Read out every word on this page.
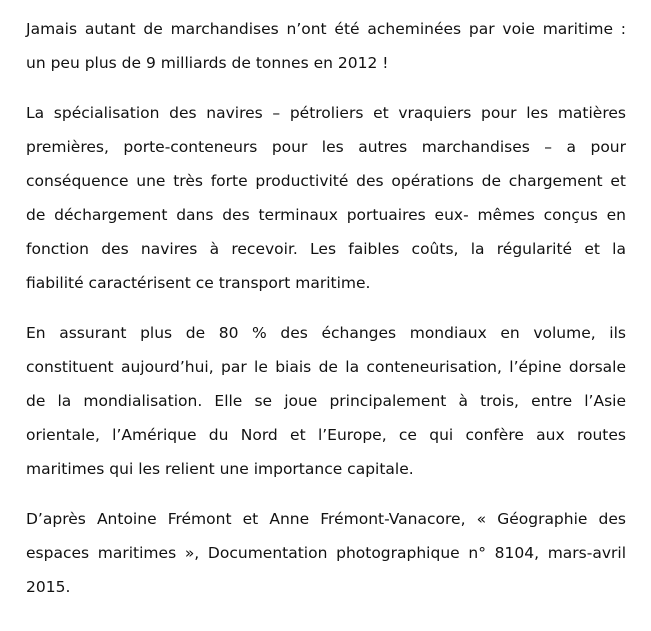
Jamais autant de marchandises n’ont été acheminées par voie maritime :
un peu plus de 9 milliards de tonnes en 2012 !

La spécialisation des navires – pétroliers et vraquiers pour les matières
premières, porte-conteneurs pour les autres marchandises – a pour
conséquence une très forte productivité des opérations de chargement et
de déchargement dans des terminaux portuaires eux- mêmes conçus en
fonction des navires à recevoir. Les faibles coûts, la régularité et la
fiabilité caractérisent ce transport maritime.

En assurant plus de 80 % des échanges mondiaux en volume, ils
constituent aujourd’hui, par le biais de la conteneurisation, l’épine dorsale
de la mondialisation. Elle se joue principalement à trois, entre l’Asie
orientale, l’Amérique du Nord et l’Europe, ce qui confère aux routes
maritimes qui les relient une importance capitale.

D’après Antoine Frémont et Anne Frémont-Vanacore, « Géographie des
espaces maritimes », Documentation photographique n° 8104, mars-avril
2015.
